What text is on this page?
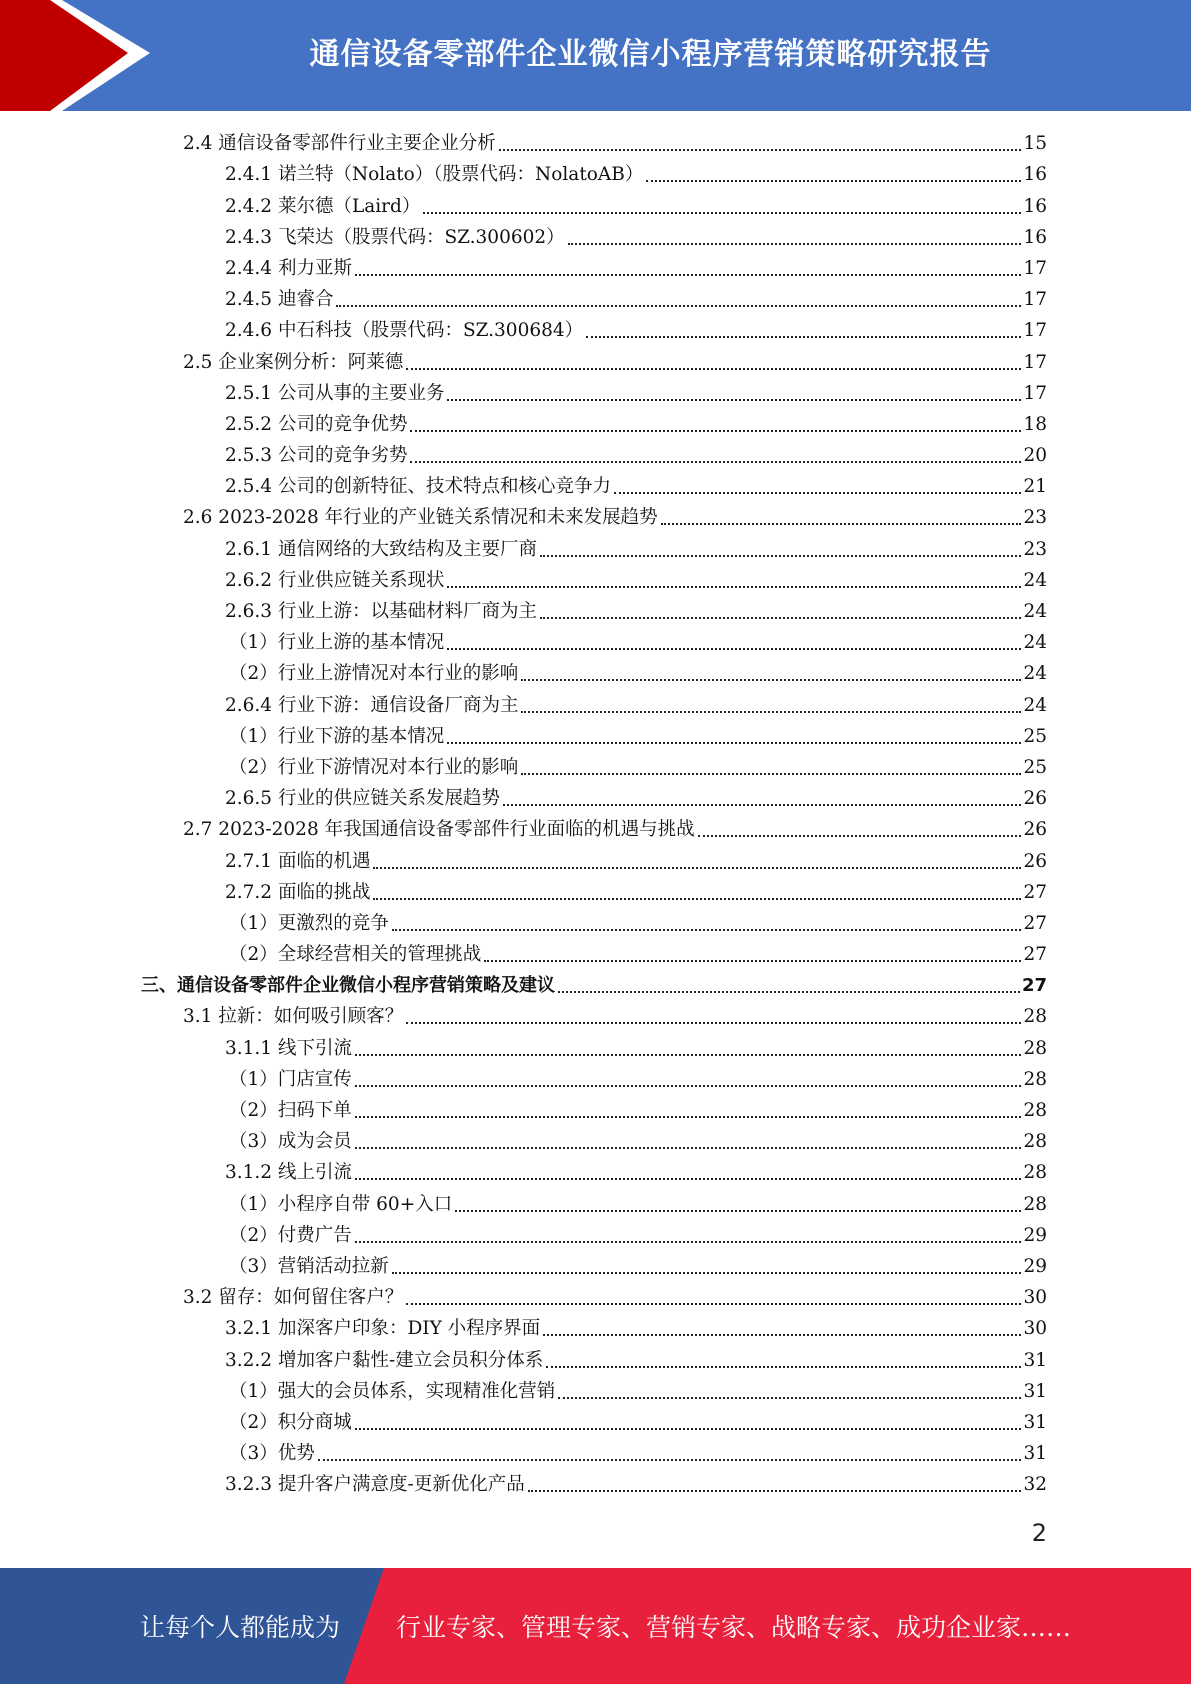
通信设备零部件企业微信小程序营销策略研究报告
2.4 通信设备零部件行业主要企业分析	15
2.4.1 诺兰特（Nolato）（股票代码：NolatoAB）	16
2.4.2 莱尔德（Laird）	16
2.4.3 飞荣达（股票代码：SZ.300602）	16
2.4.4 利力亚斯	17
2.4.5 迪睿合	17
2.4.6 中石科技（股票代码：SZ.300684）	17
2.5 企业案例分析：阿莱德	17
2.5.1 公司从事的主要业务	17
2.5.2 公司的竞争优势	18
2.5.3 公司的竞争劣势	20
2.5.4 公司的创新特征、技术特点和核心竞争力	21
2.6 2023-2028 年行业的产业链关系情况和未来发展趋势	23
2.6.1 通信网络的大致结构及主要厂商	23
2.6.2 行业供应链关系现状	24
2.6.3 行业上游：以基础材料厂商为主	24
（1）行业上游的基本情况	24
（2）行业上游情况对本行业的影响	24
2.6.4 行业下游：通信设备厂商为主	24
（1）行业下游的基本情况	25
（2）行业下游情况对本行业的影响	25
2.6.5 行业的供应链关系发展趋势	26
2.7 2023-2028 年我国通信设备零部件行业面临的机遇与挑战	26
2.7.1 面临的机遇	26
2.7.2 面临的挑战	27
（1）更激烈的竞争	27
（2）全球经营相关的管理挑战	27
三、通信设备零部件企业微信小程序营销策略及建议	27
3.1 拉新：如何吸引顾客？	28
3.1.1 线下引流	28
（1）门店宣传	28
（2）扫码下单	28
（3）成为会员	28
3.1.2 线上引流	28
（1）小程序自带 60+入口	28
（2）付费广告	29
（3）营销活动拉新	29
3.2 留存：如何留住客户？	30
3.2.1 加深客户印象：DIY 小程序界面	30
3.2.2 增加客户黏性-建立会员积分体系	31
（1）强大的会员体系，实现精准化营销	31
（2）积分商城	31
（3）优势	31
3.2.3 提升客户满意度-更新优化产品	32
2
让每个人都能成为 行业专家、管理专家、营销专家、战略专家、成功企业家……
